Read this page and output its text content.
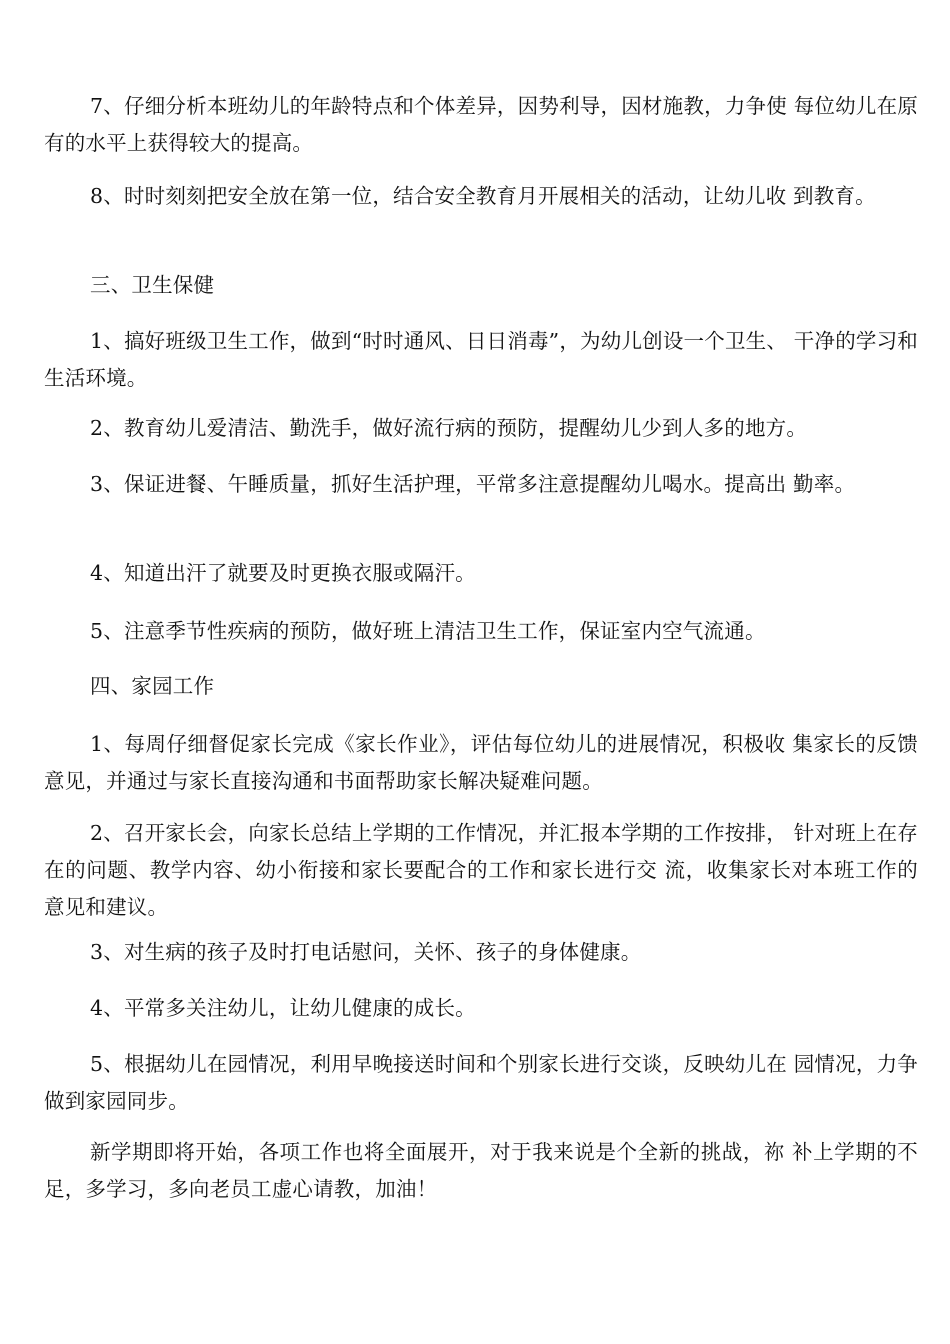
7、仔细分析本班幼儿的年龄特点和个体差异，因势利导，因材施教，力争使 每位幼儿在原有的水平上获得较大的提高。

8、时时刻刻把安全放在第一位，结合安全教育月开展相关的活动，让幼儿收 到教育。

三、卫生保健

1、搞好班级卫生工作，做到“时时通风、日日消毒”，为幼儿创设一个卫生、 干净的学习和生活环境。

2、教育幼儿爱清洁、勤洗手，做好流行病的预防，提醒幼儿少到人多的地方。

3、保证进餐、午睡质量，抓好生活护理，平常多注意提醒幼儿喝水。提高出 勤率。

4、知道出汗了就要及时更换衣服或隔汗。

5、注意季节性疾病的预防，做好班上清洁卫生工作，保证室内空气流通。

四、家园工作

1、每周仔细督促家长完成《家长作业》，评估每位幼儿的进展情况，积极收 集家长的反馈意见，并通过与家长直接沟通和书面帮助家长解决疑难问题。

2、召开家长会，向家长总结上学期的工作情况，并汇报本学期的工作按排， 针对班上在存在的问题、教学内容、幼小衔接和家长要配合的工作和家长进行交 流，收集家长对本班工作的意见和建议。

3、对生病的孩子及时打电话慰问，关怀、孩子的身体健康。

4、平常多关注幼儿，让幼儿健康的成长。

5、根据幼儿在园情况，利用早晚接送时间和个别家长进行交谈，反映幼儿在 园情况，力争做到家园同步。

新学期即将开始，各项工作也将全面展开，对于我来说是个全新的挑战，祢 补上学期的不足，多学习，多向老员工虚心请教，加油！
